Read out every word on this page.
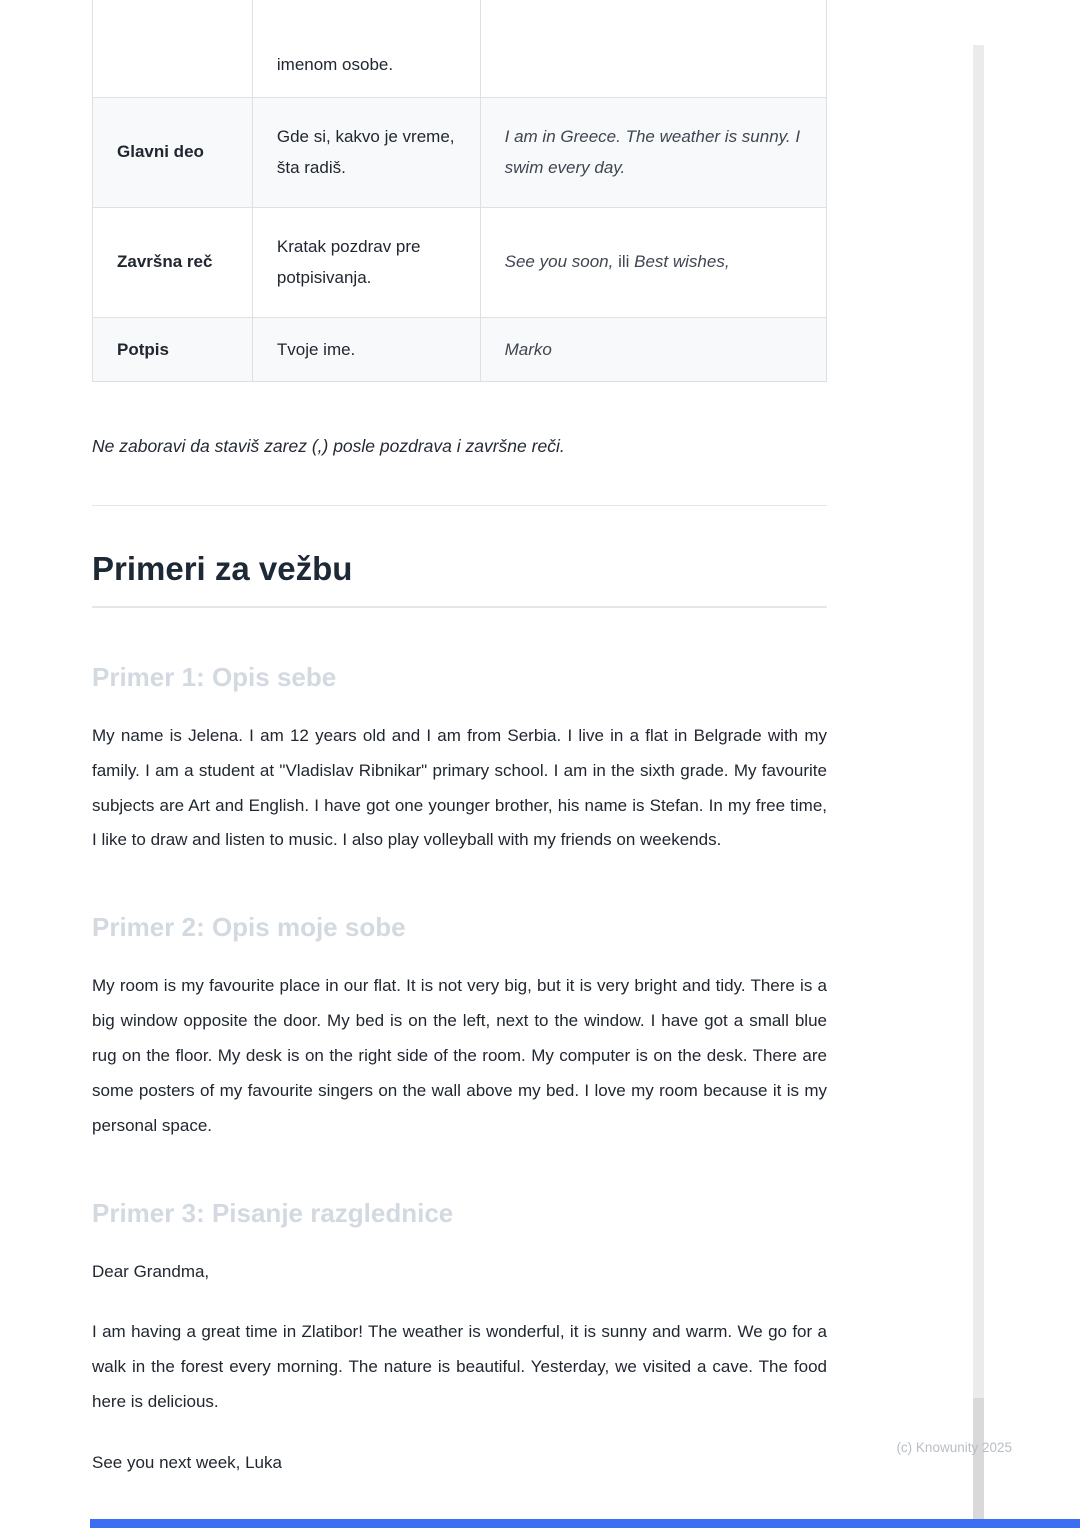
	imenom osobe.	
Glavni deo	Gde si, kakvo je vreme, šta radiš.	I am in Greece. The weather is sunny. I swim every day.
Završna reč	Kratak pozdrav pre potpisivanja.	See you soon, ili Best wishes,
Potpis	Tvoje ime.	Marko

Ne zaboravi da staviš zarez (,) posle pozdrava i završne reči.

Primeri za vežbu
Primer 1: Opis sebe

My name is Jelena. I am 12 years old and I am from Serbia. I live in a flat in Belgrade with my family. I am a student at "Vladislav Ribnikar" primary school. I am in the sixth grade. My favourite subjects are Art and English. I have got one younger brother, his name is Stefan. In my free time, I like to draw and listen to music. I also play volleyball with my friends on weekends.

Primer 2: Opis moje sobe

My room is my favourite place in our flat. It is not very big, but it is very bright and tidy. There is a big window opposite the door. My bed is on the left, next to the window. I have got a small blue rug on the floor. My desk is on the right side of the room. My computer is on the desk. There are some posters of my favourite singers on the wall above my bed. I love my room because it is my personal space.

Primer 3: Pisanje razglednice

Dear Grandma,

I am having a great time in Zlatibor! The weather is wonderful, it is sunny and warm. We go for a walk in the forest every morning. The nature is beautiful. Yesterday, we visited a cave. The food here is delicious.

See you next week, Luka

(c) Knowunity 2025
